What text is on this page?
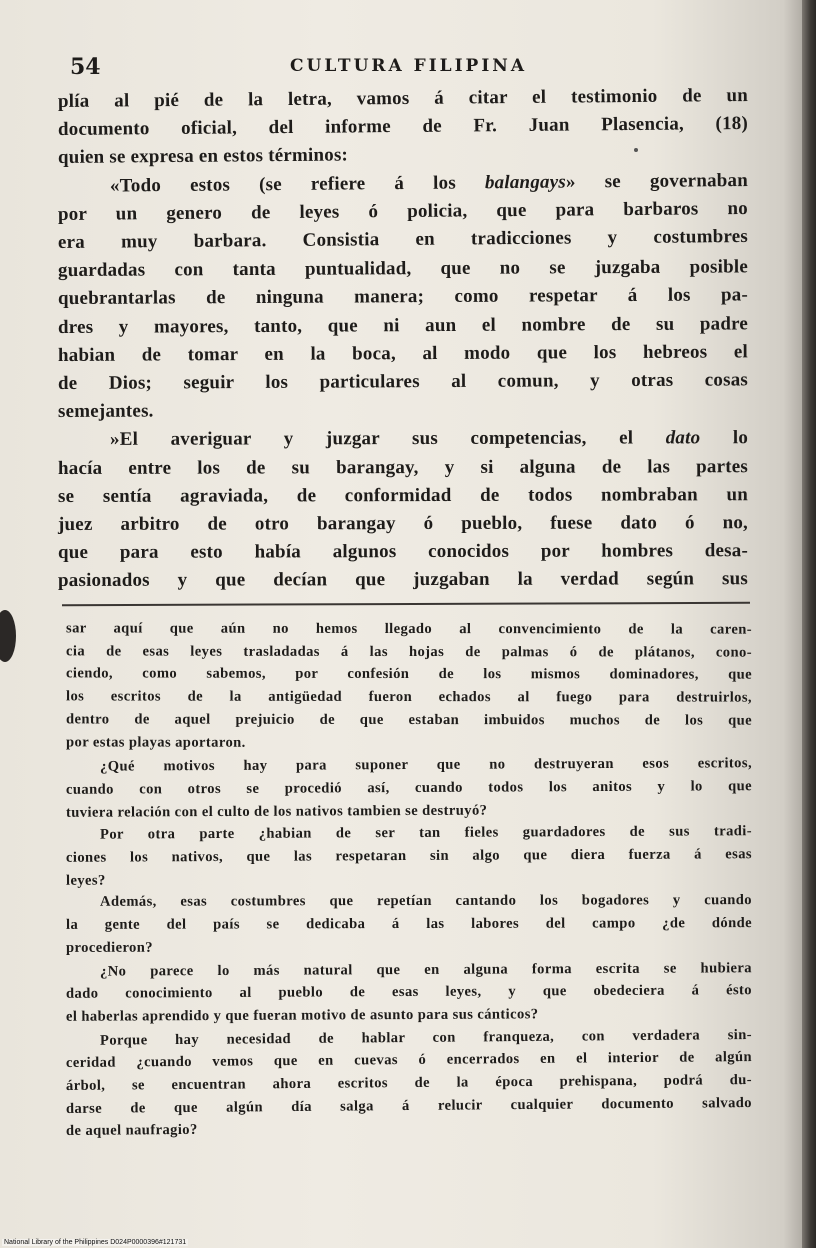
54	CULTURA FILIPINA

plía al pié de la letra, vamos á citar el testimonio de un

documento oficial, del informe de Fr. Juan Plasencia, (18)

quien se expresa en estos términos:

«Todo estos (se refiere á los balangays» se governaban

por un genero de leyes ó policia, que para barbaros no

era muy barbara. Consistia en tradicciones y costumbres

guardadas con tanta puntualidad, que no se juzgaba posible

quebrantarlas de ninguna manera; como respetar á los pa-

dres y mayores, tanto, que ni aun el nombre de su padre

habian de tomar en la boca, al modo que los hebreos el

de Dios; seguir los particulares al comun, y otras cosas

semejantes.

»El averiguar y juzgar sus competencias, el dato lo

hacía entre los de su barangay, y si alguna de las partes

se sentía agraviada, de conformidad de todos nombraban un

juez arbitro de otro barangay ó pueblo, fuese dato ó no,

que para esto había algunos conocidos por hombres desa-

pasionados y que decían que juzgaban la verdad según sus

sar aquí que aún no hemos llegado al convencimiento de la caren-

cia de esas leyes trasladadas á las hojas de palmas ó de plátanos, cono-

ciendo, como sabemos, por confesión de los mismos dominadores, que

los escritos de la antigüedad fueron echados al fuego para destruirlos,

dentro de aquel prejuicio de que estaban imbuidos muchos de los que

por estas playas aportaron.

¿Qué motivos hay para suponer que no destruyeran esos escritos,

cuando con otros se procedió así, cuando todos los anitos y lo que

tuviera relación con el culto de los nativos tambien se destruyó?

Por otra parte ¿habian de ser tan fieles guardadores de sus tradi-

ciones los nativos, que las respetaran sin algo que diera fuerza á esas

leyes?

Además, esas costumbres que repetían cantando los bogadores y cuando

la gente del país se dedicaba á las labores del campo ¿de dónde

procedieron?

¿No parece lo más natural que en alguna forma escrita se hubiera

dado conocimiento al pueblo de esas leyes, y que obedeciera á ésto

el haberlas aprendido y que fueran motivo de asunto para sus cánticos?

Porque hay necesidad de hablar con franqueza, con verdadera sin-

ceridad ¿cuando vemos que en cuevas ó encerrados en el interior de algún

árbol, se encuentran ahora escritos de la época prehispana, podrá du-

darse de que algún día salga á relucir cualquier documento salvado

de aquel naufragio?

National Library of the Philippines D024P0000396#121731
